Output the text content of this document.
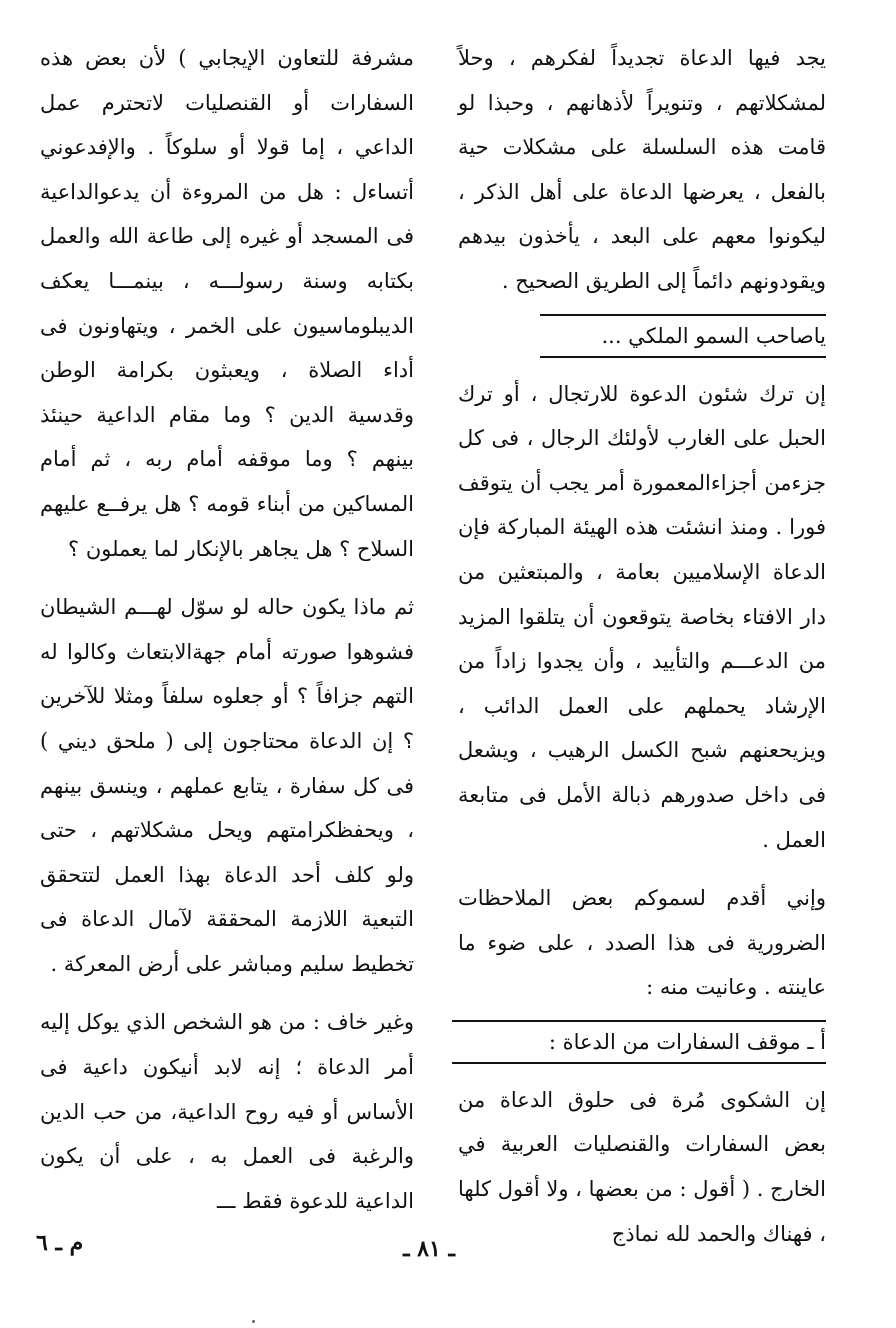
يجد فيها الدعاة تجديداً لفكرهم ، وحلاً لمشكلاتهم ، وتنويراً لأذهانهم ، وحبذا لو قامت هذه السلسلة على مشكلات حية بالفعل ، يعرضها الدعاة على أهل الذكر ، ليكونوا معهم على البعد ، يأخذون بيدهم ويقودونهم دائماً إلى الطريق الصحيح .

ياصاحب السمو الملكي ...

إن ترك شئون الدعوة للارتجال ، أو ترك الحبل على الغارب لأولئك الرجال ، فى كل جزءمن أجزاءالمعمورة أمر يجب أن يتوقف فورا . ومنذ انشئت هذه الهيئة المباركة فإن الدعاة الإسلاميين بعامة ، والمبتعثين من دار الافتاء بخاصة يتوقعون أن يتلقوا المزيد من الدعـــم والتأييد ، وأن يجدوا زاداً من الإرشاد يحملهم على العمل الدائب ، ويزيحعنهم شبح الكسل الرهيب ، ويشعل فى داخل صدورهم ذبالة الأمل فى متابعة العمل .

وإني أقدم لسموكم بعض الملاحظات الضرورية فى هذا الصدد ، على ضوء ما عاينته . وعانيت منه :

أ ـ موقف السفارات من الدعاة :

إن الشكوى مُرة فى حلوق الدعاة من بعض السفارات والقنصليات العربية في الخارج . ( أقول : من بعضها ، ولا أقول كلها ، فهناك والحمد لله نماذج

مشرفة للتعاون الإيجابي ) لأن بعض هذه السفارات أو القنصليات لاتحترم عمل الداعي ، إما قولا أو سلوكاً . والإفدعوني أتساءل : هل من المروءة أن يدعوالداعية فى المسجد أو غيره إلى طاعة الله والعمل بكتابه وسنة رسولـــه ، بينمـــا يعكف الديبلوماسيون على الخمر ، ويتهاونون فى أداء الصلاة ، ويعبثون بكرامة الوطن وقدسية الدين ؟ وما مقام الداعية حينئذ بينهم ؟ وما موقفه أمام ربه ، ثم أمام المساكين من أبناء قومه ؟ هل يرفــع عليهم السلاح ؟ هل يجاهر بالإنكار لما يعملون ؟

ثم ماذا يكون حاله لو سوّل لهـــم الشيطان فشوهوا صورته أمام جهةالابتعاث وكالوا له التهم جزافاً ؟ أو جعلوه سلفاً ومثلا للآخرين ؟ إن الدعاة محتاجون إلى ( ملحق ديني ) فى كل سفارة ، يتابع عملهم ، وينسق بينهم ، ويحفظكرامتهم ويحل مشكلاتهم ، حتى ولو كلف أحد الدعاة بهذا العمل لتتحقق التبعية اللازمة المحققة لآمال الدعاة فى تخطيط سليم ومباشر على أرض المعركة .

وغير خاف : من هو الشخص الذي يوكل إليه أمر الدعاة ؛ إنه لابد أنيكون داعية فى الأساس أو فيه روح الداعية، من حب الدين والرغبة فى العمل به ، على أن يكون الداعية للدعوة فقط ـــ

ـ ٨١ ـ
م ـ ٦
